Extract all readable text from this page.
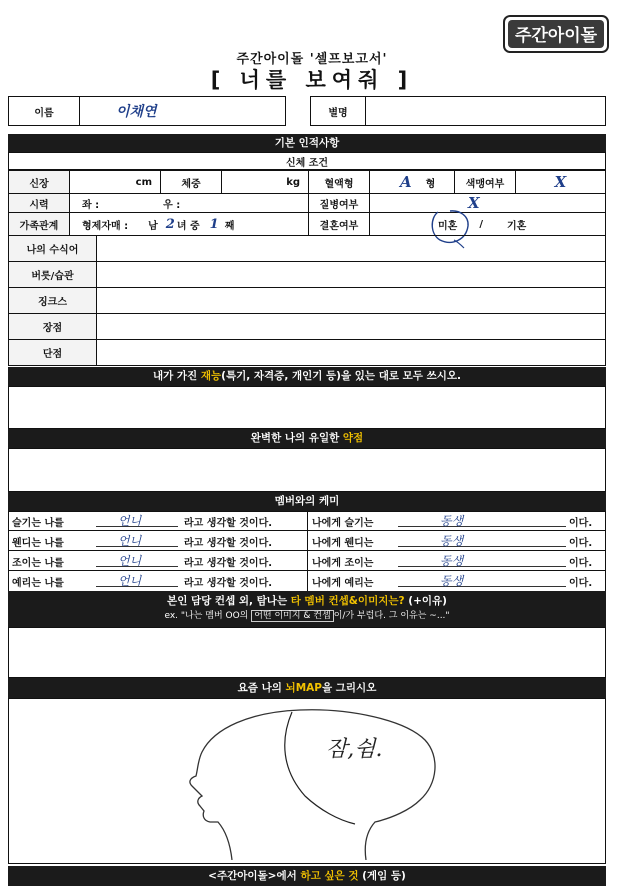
주간아이돌
주간아이돌 '셀프보고서'
[ 너를 보여줘 ]
이름	이채연	별명
기본 인적사항
신체 조건
신장	cm	체중	kg	혈액형	A 형	색맹여부	X
시력	좌 :	우 :	질병여부	X
가족관계	형제자매 : 남 2 녀 중 1 째	결혼여부	미혼 / 기혼
나의 수식어
버릇/습관
징크스
장점
단점
내가 가진 재능(특기, 자격증, 개인기 등)을 있는 대로 모두 쓰시오.
완벽한 나의 유일한 약점
멤버와의 케미
슬기는 나를	언니	라고 생각할 것이다.	나에게 슬기는	동생	이다.
웬디는 나를	언니	라고 생각할 것이다.	나에게 웬디는	동생	이다.
조이는 나를	언니	라고 생각할 것이다.	나에게 조이는	동생	이다.
예리는 나를	언니	라고 생각할 것이다.	나에게 예리는	동생	이다.
본인 담당 컨셉 외, 탐나는 타 멤버 컨셉&이미지는? (+이유)
ex. "나는 멤버 OO의 어떤 이미지 & 컨셉 이/가 부럽다. 그 이유는 ~..."
요즘 나의 뇌MAP을 그리시오
잠,쉼.
<주간아이돌>에서 하고 싶은 것 (게임 등)
